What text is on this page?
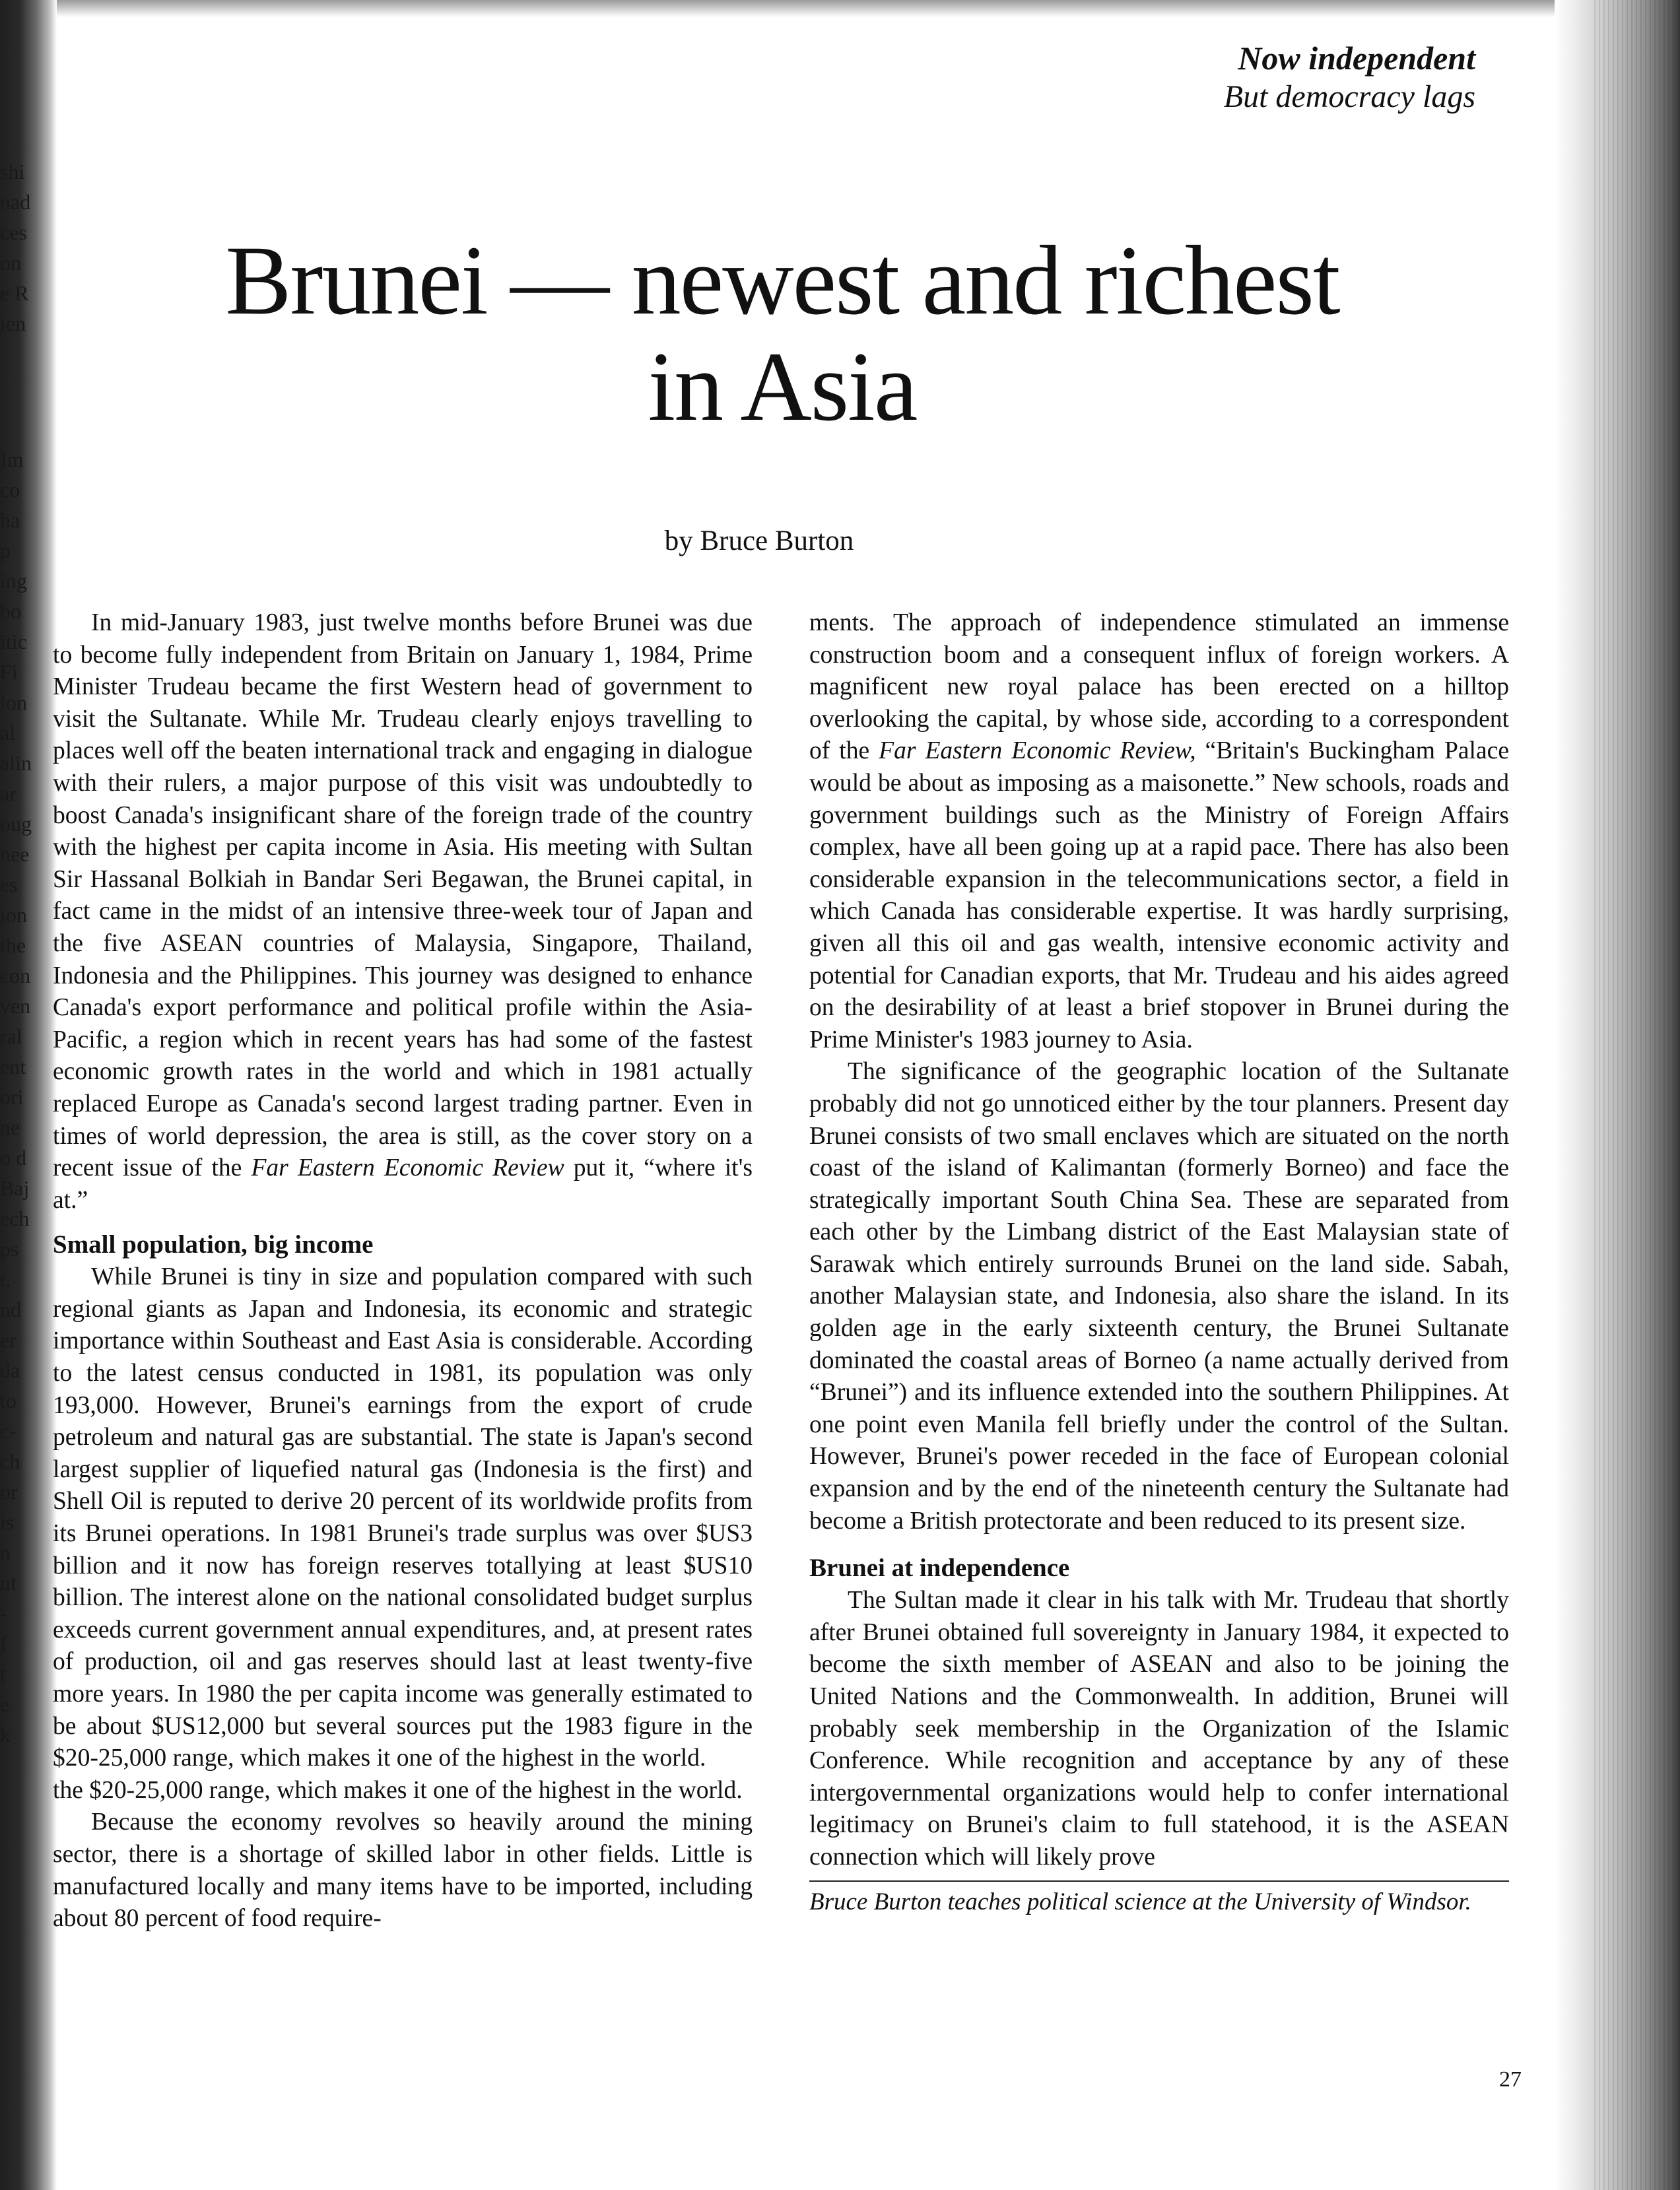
shi
nad
ces
on
e R
ien
Im
co
ha
p
ing
bo
itic
Fi
lon
al
alin
ar
oug
nee
es
ion
the
con
ven
ral
ent
ori
ne
o d
Baj
ech
ps
t.
nd
er
da
to
c-
ch
or
is
n
nt
-
f
t
e
k
Now independent
But democracy lags
Brunei — newest and richest
in Asia
by Bruce Burton

In mid-January 1983, just twelve months before Brunei was due to become fully independent from Britain on January 1, 1984, Prime Minister Trudeau became the first Western head of government to visit the Sultanate. While Mr. Trudeau clearly enjoys travelling to places well off the beaten international track and engaging in dialogue with their rulers, a major purpose of this visit was undoubtedly to boost Canada's insignificant share of the foreign trade of the country with the highest per capita income in Asia. His meeting with Sultan Sir Hassanal Bolkiah in Bandar Seri Begawan, the Brunei capital, in fact came in the midst of an intensive three-week tour of Japan and the five ASEAN countries of Malaysia, Singapore, Thailand, Indonesia and the Philippines. This journey was designed to enhance Canada's export performance and political profile within the Asia-Pacific, a region which in recent years has had some of the fastest economic growth rates in the world and which in 1981 actually replaced Europe as Canada's second largest trading partner. Even in times of world depression, the area is still, as the cover story on a recent issue of the Far Eastern Economic Review put it, “where it's at.”

Small population, big income

While Brunei is tiny in size and population compared with such regional giants as Japan and Indonesia, its economic and strategic importance within Southeast and East Asia is considerable. According to the latest census conducted in 1981, its population was only 193,000. However, Brunei's earnings from the export of crude petroleum and natural gas are substantial. The state is Japan's second largest supplier of liquefied natural gas (Indonesia is the first) and Shell Oil is reputed to derive 20 percent of its worldwide profits from its Brunei operations. In 1981 Brunei's trade surplus was over $US3 billion and it now has foreign reserves totallying at least $US10 billion. The interest alone on the national consolidated budget surplus exceeds current government annual expenditures, and, at present rates of production, oil and gas reserves should last at least twenty-five more years. In 1980 the per capita income was generally estimated to be about $US12,000 but several sources put the 1983 figure in the $20-25,000 range, which makes it one of the highest in the world.

the $20-25,000 range, which makes it one of the highest in the world.

Because the economy revolves so heavily around the mining sector, there is a shortage of skilled labor in other fields. Little is manufactured locally and many items have to be imported, including about 80 percent of food require-

ments. The approach of independence stimulated an immense construction boom and a consequent influx of foreign workers. A magnificent new royal palace has been erected on a hilltop overlooking the capital, by whose side, according to a correspondent of the Far Eastern Economic Review, “Britain's Buckingham Palace would be about as imposing as a maisonette.” New schools, roads and government buildings such as the Ministry of Foreign Affairs complex, have all been going up at a rapid pace. There has also been considerable expansion in the telecommunications sector, a field in which Canada has considerable expertise. It was hardly surprising, given all this oil and gas wealth, intensive economic activity and potential for Canadian exports, that Mr. Trudeau and his aides agreed on the desirability of at least a brief stopover in Brunei during the Prime Minister's 1983 journey to Asia.

The significance of the geographic location of the Sultanate probably did not go unnoticed either by the tour planners. Present day Brunei consists of two small enclaves which are situated on the north coast of the island of Kalimantan (formerly Borneo) and face the strategically important South China Sea. These are separated from each other by the Limbang district of the East Malaysian state of Sarawak which entirely surrounds Brunei on the land side. Sabah, another Malaysian state, and Indonesia, also share the island. In its golden age in the early sixteenth century, the Brunei Sultanate dominated the coastal areas of Borneo (a name actually derived from “Brunei”) and its influence extended into the southern Philippines. At one point even Manila fell briefly under the control of the Sultan. However, Brunei's power receded in the face of European colonial expansion and by the end of the nineteenth century the Sultanate had become a British protectorate and been reduced to its present size.

Brunei at independence

The Sultan made it clear in his talk with Mr. Trudeau that shortly after Brunei obtained full sovereignty in January 1984, it expected to become the sixth member of ASEAN and also to be joining the United Nations and the Commonwealth. In addition, Brunei will probably seek membership in the Organization of the Islamic Conference. While recognition and acceptance by any of these intergovernmental organizations would help to confer international legitimacy on Brunei's claim to full statehood, it is the ASEAN connection which will likely prove

Bruce Burton teaches political science at the University of Windsor.
27
